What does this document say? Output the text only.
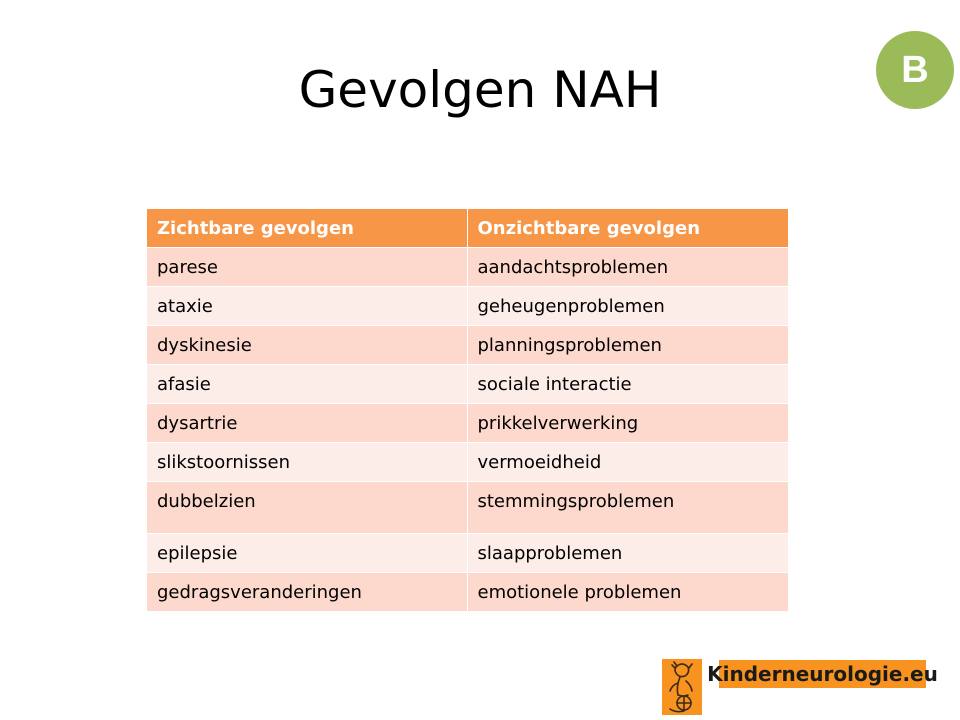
Gevolgen NAH	B
Zichtbare gevolgen	Onzichtbare gevolgen
parese	aandachtsproblemen
ataxie	geheugenproblemen
dyskinesie	planningsproblemen
afasie	sociale interactie
dysartrie	prikkelverwerking
slikstoornissen	vermoeidheid
dubbelzien	stemmingsproblemen
epilepsie	slaapproblemen
gedragsveranderingen	emotionele problemen
Kinderneurologie.eu
